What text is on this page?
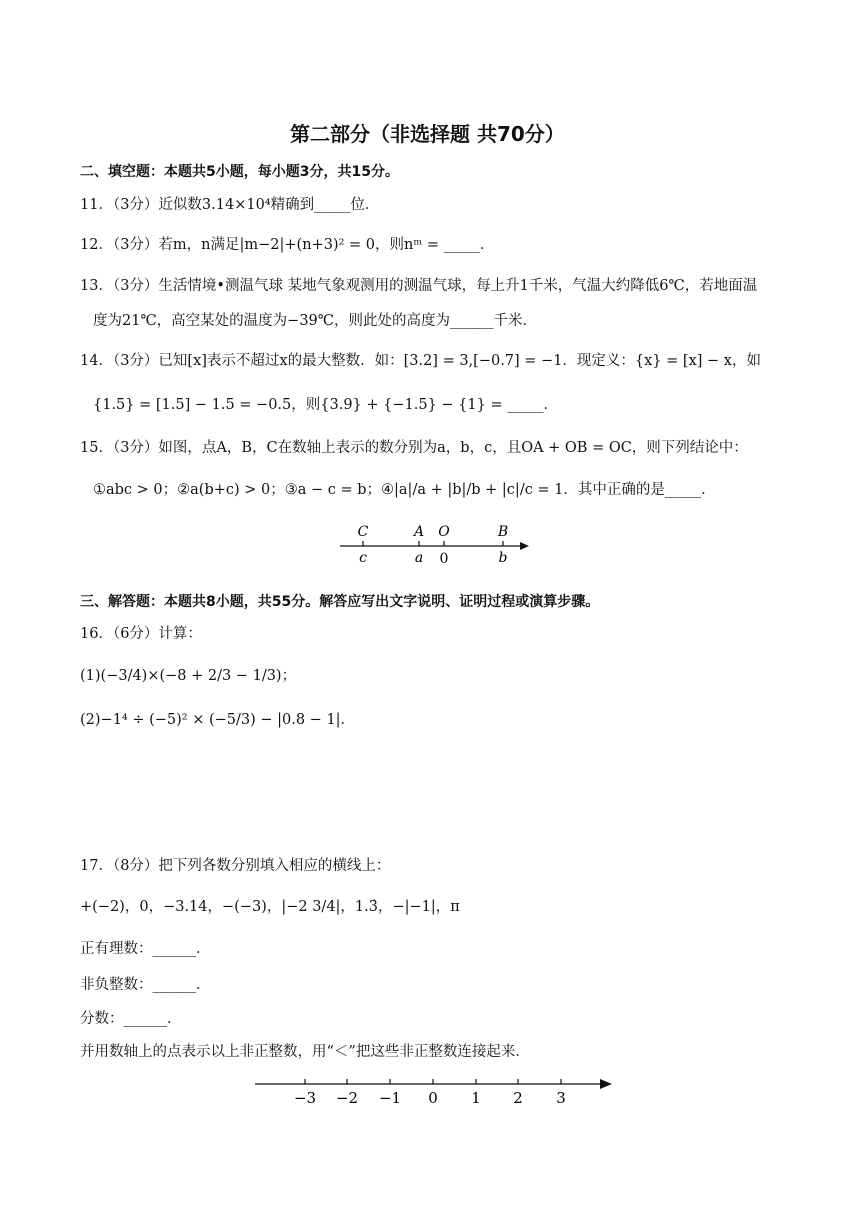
第二部分（非选择题 共70分）
二、填空题：本题共5小题，每小题3分，共15分。
11．（3分）近似数3.14×10⁴精确到_____位．
12．（3分）若m，n满足|m−2|+(n+3)² = 0，则nᵐ = _____．
13．（3分）生活情境•测温气球 某地气象观测用的测温气球，每上升1千米，气温大约降低6℃，若地面温
度为21℃，高空某处的温度为−39℃，则此处的高度为______千米．
14．（3分）已知[x]表示不超过x的最大整数．如：[3.2] = 3,[−0.7] = −1．现定义：{x} = [x] − x，如
{1.5} = [1.5] − 1.5 = −0.5，则{3.9} + {−1.5} − {1} = _____．
15．（3分）如图，点A，B，C在数轴上表示的数分别为a，b，c，且OA + OB = OC，则下列结论中：
①abc > 0；②a(b+c) > 0；③a − c = b；④|a|/a + |b|/b + |c|/c = 1．其中正确的是_____．
C	A O	B
c	a 0	b
三、解答题：本题共8小题，共55分。解答应写出文字说明、证明过程或演算步骤。
16．（6分）计算：
(1)(−3/4)×(−8 + 2/3 − 1/3)；
(2)−1⁴ ÷ (−5)² × (−5/3) − |0.8 − 1|．
17．（8分）把下列各数分别填入相应的横线上：
+(−2)，0，−3.14，−(−3)，|−2 3/4|，1.3̇，−|−1|，π
正有理数：______．
非负整数：______．
分数：______．
并用数轴上的点表示以上非正整数，用“＜”把这些非正整数连接起来．
−3 −2 −1 0 1 2 3
